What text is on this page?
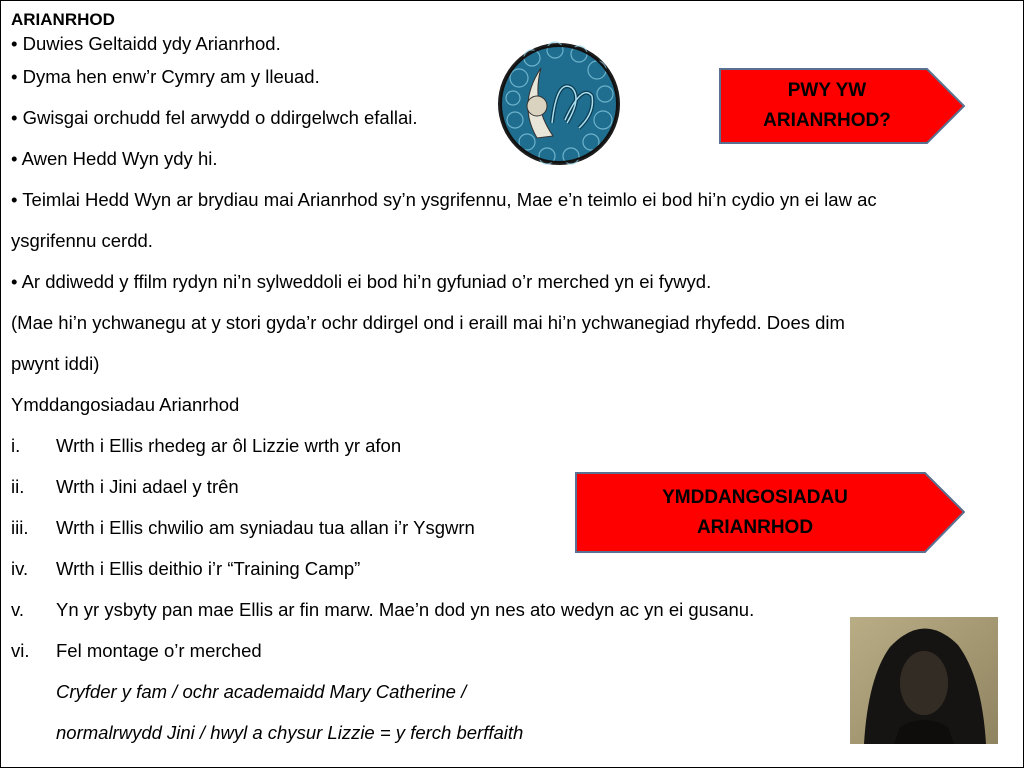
ARIANRHOD
• Duwies Geltaidd ydy Arianrhod.
• Dyma hen enw’r Cymry am y lleuad.
• Gwisgai orchudd fel arwydd o ddirgelwch efallai.
• Awen Hedd Wyn ydy hi.
• Teimlai Hedd Wyn ar brydiau mai Arianrhod sy’n ysgrifennu, Mae e’n teimlo ei bod hi’n cydio yn ei law ac
ysgrifennu cerdd.
• Ar ddiwedd y ffilm rydyn ni’n sylweddoli ei bod hi’n gyfuniad o’r merched yn ei fywyd.
(Mae hi’n ychwanegu at y stori gyda’r ochr ddirgel ond i eraill mai hi’n ychwanegiad rhyfedd. Does dim
pwynt iddi)
Ymddangosiadau Arianrhod
i. Wrth i Ellis rhedeg ar ôl Lizzie wrth yr afon
ii. Wrth i Jini adael y trên
iii. Wrth i Ellis chwilio am syniadau tua allan i’r Ysgwrn
iv. Wrth i Ellis deithio i’r “Training Camp”
v. Yn yr ysbyty pan mae Ellis ar fin marw. Mae’n dod yn nes ato wedyn ac yn ei gusanu.
vi. Fel montage o’r merched
Cryfder y fam / ochr academaidd Mary Catherine /
normalrwydd Jini / hwyl a chysur Lizzie = y ferch berffaith
PWY YW
ARIANRHOD?
YMDDANGOSIADAU
ARIANRHOD
